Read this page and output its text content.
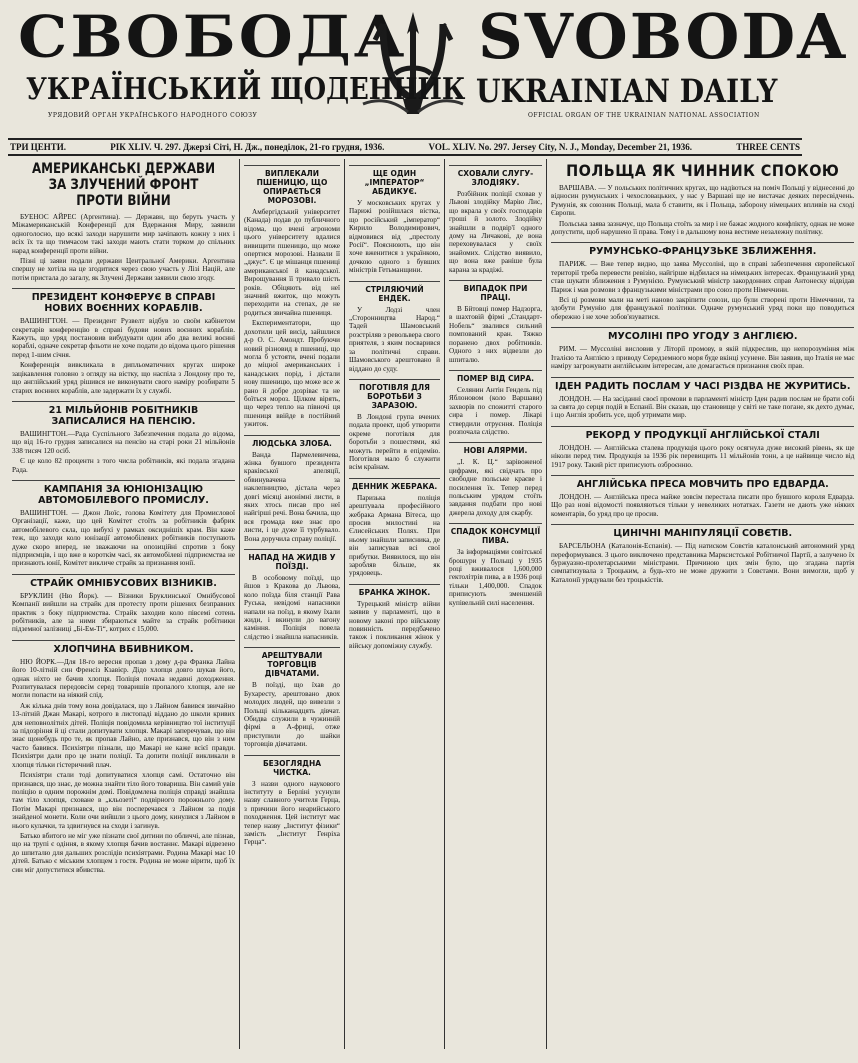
СВОБОДА SVOBODA
УКРАЇНСЬКИЙ ЩОДЕННИК UKRAINIAN DAILY
УРЯДОВИЙ ОРГАН УКРАЇНСЬКОГО НАРОДНОГО СОЮЗУ	OFFICIAL ORGAN OF THE UKRAINIAN NATIONAL ASSOCIATION
ТРИ ЦЕНТИ.	РІК XLIV. Ч. 297. Джерзі Сіті, Н. Дж., понеділок, 21-го грудня, 1936.	VOL. XLIV. No. 297. Jersey City, N. J., Monday, December 21, 1936.	THREE CENTS
АМЕРИКАНСЬКІ ДЕРЖАВИ ЗА ЗЛУЧЕНИЙ ФРОНТ ПРОТИ ВІЙНИ

БУЕНОС АЙРЕС (Аргентина). — Державн, що беруть участь у Міжамериканській Конференції для Вдержання Миру, заявили одноголосно, що всякі заходи нарушити мир зачіпають кожну з них і всіх їх та що тимчасом такі заходи мають стати торком до спільних нарад конференції проти війни.

Пізні ці заяви подали держави Центральної Америки. Аргентина спершу не хотіла на це згодитися через свою участь у Лізі Націй, але потім пристала до загалу, як Злучені Держави заявили свою згоду.

ПРЕЗИДЕНТ КОНФЕРУЄ В СПРАВІ НОВИХ ВОЄННИХ КОРАБЛІВ.

ВАШИНГТОН. — Президент Рузвелт відбув зо своїм кабінетом секретарів конференцію в справі будови нових воєнних кораблів. Кажуть, що уряд постановив вибудувати один або два великі воєнні кораблі, одначе секретар фльоти не хоче подати до відома цього рішення перед 1-шим січня.

Конференція вивкликала в дипльоматичних кругах широке зацікавлення головно з огляду на вістку, що наспіла з Лондону про те, що англійський уряд рішився не виконувати свого наміру розбирати 5 старих воєнних кораблів, але задержати їх у службі.

21 МІЛЬЙОНІВ РОБІТНИКІВ ЗАПИСАЛИСЯ НА ПЕНСІЮ.

ВАШИНГТОН.—Рада Суспільного Забезпечення подала до відома, що від 16-го грудня записалися на пенсію на старі роки 21 мільйонів 338 тисяч 120 осіб.

Є це коло 82 процентн з того числа робітників, які подала згадана Рада.

КАМПАНІЯ ЗА ЮНІОНІЗАЦІЮ АВТОМОБІЛЕВОГО ПРОМИСЛУ.

ВАШИНГТОН. — Джон Люїс, голова Комітету для Промислової Організації, каже, що цей Комітет стоїть за робітників фабрик автомобілевого скла, що вибухі у рамках оксиднішіх крам. Він каже теж, що заходи коло юнізації автомобілевих робітників поступають дуже скоро вперед, не зважаючи на опозиційні спротив з боку підприємців, і що вже в короткім часі, як автомобілеві підприємства не признають юнії, Комітет викличе страйк за признання юнії.

СТРАЙК ОМНІБУСОВИХ ВІЗНИКІВ.

БРУКЛИН (Ню Йорк). — Візники Бруклинської Омнібусової Компанії вийшли на страйк для протесту проти рішених безправних практик з боку підприємства. Страйк заходив коло півсемі сотень робітників, але за ними збираються майте за страйк робітники підземної залізниці „Бі-Ем-Ті“, котрих є 15,000.

ХЛОПЧИНА ВБИВНИКОМ.

НЮ ЙОРК.—Для 18-го вересня пропав з дому д-ра Франка Лайна його 10-літній син Френсіз Кзавієр. Дідо хлопця довго шукав його, однак ніхто не бачив хлопця. Поліція почала недавні доходження. Розпитувалася передовсім серед товаришів пропалого хлопця, але не могли попасти на ніякий слід.

Аж кілька днів тому вона довідалася, що з Лайном бавився звичайно 13-літній Джан Макарі, котрого в листопаді віддано до школи кривих для неповнолітніх дітей. Поліція повідомила керівництво тої інституції за підозріння й ці стали допитувати хлопця. Макарі заперечував, що він знає щонебудь про те, як пропав Лайно, але признався, що він з ним часто бавився. Психіятри пізнали, що Макарі не каже всієї правди. Психіятри дали про це знати поліції. Та допити поліції викликали в хлопця тільки гістеричний плач.

Психіятри стали тоді допитуватися хлопця самі. Остаточно він признався, що знає, де можна знайти тіло його товариша. Він самий увів поліцію в одним порожнім домі. Повідомлена поліція справді знайшла там тіло хлопця, сховане в „кльозеті“ подвірного порожнього дому. Потім Макарі признався, що він посперечався з Лайном за подія знайденої монети. Коли очи вийшли з цього дому, кинулися з Лайном в нього кулачки, та здвигнувся на сходи і загинув.

Батько вбитого не міг уже пізнати свої дитини по обличчі, але пізнав, що на трупі є одіння, в якому хлопця бачив востаннє. Макарі відвезено до шпиталю для дальших розслідів психіятрами. Родина Макарі має 10 дітей. Батько є міським хлопцем з гостя. Родина не може вірити, щоб їх син міг допуститися вбивства.

ВИПЛЕКАЛИ ПШЕНИЦЮ, ЩО ОПИРАЄТЬСЯ МОРОЗОВІ.

Амбергідський університет (Канада) подав до публичного відома, що вчені агрономи цього університету вдалися вивищити пшеницю, що може опертися морозові. Назвали її „джус“. Є це мішанця пшениці американської й канадської. Вирощування її тривало шість років. Обіцяють від неї значний вжиток, що можуть переходити на степах, де не родиться звичайна пшениця.

Експериментатори, що дохотили цей висід, зайшлися д-р О. С. Амондт. Пробуючи новий різновид в пшениці, що могла б устояти, вчені подали до міцної американських і канадських порід, і дістали нову пшеницю, що може все ж рано й добре дозріває та не боїться мороз. Цілком вірять, що через тепло на півночі ця пшениця ввійде в постійний ужиток.

ЛЮДСЬКА ЗЛОБА.

Ванда Пармелевичева, жінка бувшого президента краківської апеляції, обвинувачена за наклепництво, дістала через довгі місяці анонімні листи, в яких хтось писав про неї найгірші речі. Вона бачила, що вся громада вже знає про листи, і це дуже її турбувало. Вона доручила справу поліції.

НАПАД НА ЖИДІВ У ПОЇЗДІ.

В особовому поїзді, що йшов з Кракова до Львова, коло поїзда біля станції Рава Руська, невідомі напасники напали на поїзд, в якому їхали жиди, і вкинули до вагону каміння. Поліція повела слідство і знайшла напасників.

АРЕШТУВАЛИ ТОРГОВЦІВ ДІВЧАТАМИ.

В поїзді, що їхав до Бухаресту, арештовано двох молодих людей, що вивезли з Польщі кільканадцять дівчат. Обидва служили в чужинній фірмі в А-фриці, отже приступили до шайки торговців дівчатами.

БЕЗОГЛЯДНА ЧИСТКА.

З назви одного наукового інституту в Берліні усунули назву славного учителя Герца, з причини його неарийського походження. Цей інститут має тепер назву „Інститут фізики“ замість „Інститут Генріха Герца“.

ЩЕ ОДИН „ІМПЕРАТОР“ АБДИКУЄ.

У московських кругах у Парижі розійшлася вістка, що російський „імператор“ Кирило Володимирович, відмовився від „престолу Росії“. Пояснюють, що він хоче вженитися з українкою, дочкою одного з бувших міністрів Гетьманщини.

СТРІЛЯЮЧИЙ ЕНДЕК.

У Лодзі член „Сторонництва Народ.“ Тадей Шамовський розстріляв з револьвера свого приятеля, з яким посварився за політичні справи. Шамовського арештовано й віддано до суду.

ПОГОТІВЛЯ ДЛЯ БОРОТЬБИ З ЗАРАЗОЮ.

В Лондоні група вчених подала проект, щоб утворити окреме поготівля для боротьби з пошестями, які можуть перейти в епідемію. Поготівля мало б служити всім країнам.

ДЕННИК ЖЕБРАКА.

Паризька поліція арештувала професійного жебрака Армана Вітеса, що просив милостині на Єлисейських Полях. При ньому знайшли записника, де він записував всі свої прибутки. Виявилося, що він заробляв більше, як урядовець.

БРАНКА ЖІНОК.

Турецький міністр війни заявив у парламенті, що в новому законі про військову повинність передбачено також і покликання жінок у війську допоміжну службу.

СХОВАЛИ СЛУГУ-ЗЛОДІЯКУ.

Розбійник поліції сховав у Львові злодійку Марію Лис, що вкрала у своїх господарів гроші й золото. Злодійку знайшли в подвір'ї одного дому на Личакові, де вона переховувалася у своїх знайомих. Слідство виявило, що вона вже раніше була карана за крадіжі.

ВИПАДОК ПРИ ПРАЦІ.

В Бйтовці помер Надзорга, в шахтовій фірмі „Стандарт-Нобель“ звалився сильний помпований кран. Тяжко поранено двох робітників. Одного з них відвезли до шпиталю.

ПОМЕР ВІД СИРА.

Селянин Антін Гендель під Яблоновом (коло Варшави) захворів по спожитті старого сира і помер. Лікарі ствердили отруєння. Поліція розпочала слідство.

НОВІ АЛЯРМИ.

„І. К. Ц.“ зарівоженої цифрами, які свідчать про свободне польське краєве і посилення їх. Тепер перед польським урядом стоїть завдання подбати про нові джерела доходу для скарбу.

СПАДОК КОНСУМЦІЇ ПИВА.

За інформаціями совітської брошури у Польщі у 1935 році вживалося 1,600,000 гектолітрів пива, а в 1936 році тільки 1,400,000. Спадок приписують зменшеній купівельній силі населення.

ПОЛЬЩА ЯК ЧИННИК СПОКОЮ

ВАРШАВА. — У польських політичних кругах, що надіються на поміч Польщі у віднесенні до відносин румунських і чехословацьких, у нас у Варшаві ще не вистачає деяких пересвідчень. Румунія, як союзник Польщі, мала б ставити, як і Польща, заборону німецьких впливів на сході Європи.

Польська заява зазначує, що Польща стоїть за мир і не бажає жодного конфлікту, однак не може допустити, щоб нарушено її права. Тому і в дальшому вона вестиме незалежну політику.

РУМУНСЬКО-ФРАНЦУЗЬКЕ ЗБЛИЖЕННЯ.

ПАРИЖ. — Вже тепер видно, що заява Муссоліні, що в справі забезпечення європейської території треба перевести ревізію, найгірше відбилася на німецьких інтересах. Французький уряд став шукати зближення з Румунією. Румунський міністр закордонних справ Антонеску відвідав Париж і мав розмови з французькими міністрами про союз проти Німеччини.

Всі ці розмови мали на меті наново закріпити союзи, що були створені проти Німеччини, та здобути Румунію для французької політики. Одначе румунський уряд поки що поводиться обережно і не хоче зобов'язуватися.

МУСОЛІНІ ПРО УГОДУ З АНГЛІЄЮ.

РИМ. — Муссоліні висловив у Літорії промову, в якій підкреслив, що непорозуміння між Італією та Англією з приводу Середземного моря буде вкінці усунене. Він заявив, що Італія не має наміру загрожувати англійським інтересам, але домагається признання своїх прав.

ІДЕН РАДИТЬ ПОСЛАМ У ЧАСІ РІЗДВА НЕ ЖУРИТИСЬ.

ЛОНДОН. — На засіданні своєї промови в парламенті міністр Іден радив послам не брати собі за свята до серця подій в Еспанії. Він сказав, що становище у світі не таке погане, як дехто думає, і що Англія зробить усе, щоб утримати мир.

РЕКОРД У ПРОДУКЦІЇ АНГЛІЙСЬКОЇ СТАЛІ

ЛОНДОН. — Англійська сталева продукція цього року осягнула дуже високий рівень, як ще ніколи перед тим. Продукція за 1936 рік перевищить 11 мільйонів тонн, а це найвище число від 1917 року. Такий ріст припиcують озброєнню.

АНГЛІЙСЬКА ПРЕСА МОВЧИТЬ ПРО ЕДВАРДА.

ЛОНДОН. — Англійська преса майже зовсім перестала писати про бувшого короля Едварда. Що раз нові відомості появляються тільки у невеликих нотатках. Газети не дають уже ніяких коментарів, бо уряд про це просив.

ЦИНІЧНІ МАНІПУЛЯЦІЇ СОВЄТІВ.

БАРСЕЛЬОНА (Каталонія-Еспанія). — Під натиском Совєтів каталонський автономний уряд переформувався. З цього виключено представника Марксистської Робітничої Партії, а залучено їх буржуазно-пролетарськими міністрами. Причиною цих змін було, що згадана партія симпатизувала з Троцьким, а будь-хто не може дружити з Совєтами. Вони вимогли, щоб у Каталонії урядували без троцькістів.
